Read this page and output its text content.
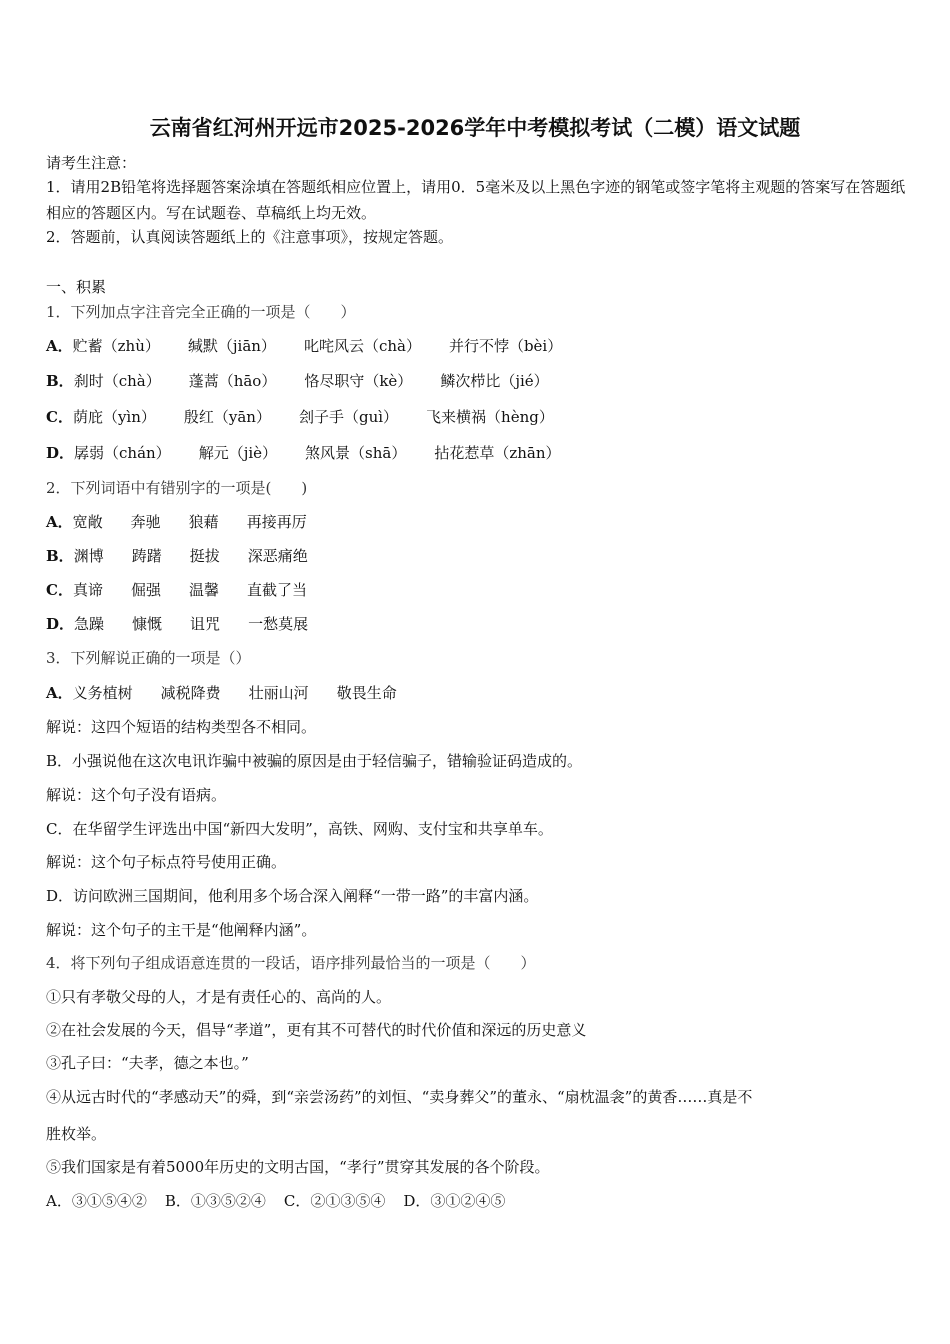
云南省红河州开远市2025-2026学年中考模拟考试（二模）语文试题
请考生注意：
1．请用2B铅笔将选择题答案涂填在答题纸相应位置上，请用0．5毫米及以上黑色字迹的钢笔或签字笔将主观题的答案写在答题纸相应的答题区内。写在试题卷、草稿纸上均无效。
2．答题前，认真阅读答题纸上的《注意事项》，按规定答题。
一、积累
1．下列加点字注音完全正确的一项是（　　）
A．贮蓄（zhù） 缄默（jiān） 叱咤风云（chà） 并行不悖（bèi）
B．刹时（chà） 蓬蒿（hāo） 恪尽职守（kè） 鳞次栉比（jié）
C．荫庇（yìn） 殷红（yān） 刽子手（guì） 飞来横祸（hèng）
D．孱弱（chán） 解元（jiè） 煞风景（shā） 拈花惹草（zhān）
2．下列词语中有错别字的一项是(　　)
A．宽敞 奔驰 狼藉 再接再厉
B．渊博 踌躇 挺拔 深恶痛绝
C．真谛 倔强 温馨 直截了当
D．急躁 慷慨 诅咒 一愁莫展
3．下列解说正确的一项是（）
A．义务植树 减税降费 壮丽山河 敬畏生命
解说：这四个短语的结构类型各不相同。
B．小强说他在这次电讯诈骗中被骗的原因是由于轻信骗子，错输验证码造成的。
解说：这个句子没有语病。
C．在华留学生评选出中国“新四大发明”，高铁、网购、支付宝和共享单车。
解说：这个句子标点符号使用正确。
D．访问欧洲三国期间，他利用多个场合深入阐释“一带一路”的丰富内涵。
解说：这个句子的主干是“他阐释内涵”。
4．将下列句子组成语意连贯的一段话，语序排列最恰当的一项是（　　）
①只有孝敬父母的人，才是有责任心的、高尚的人。
②在社会发展的今天，倡导“孝道”，更有其不可替代的时代价值和深远的历史意义
③孔子曰：“夫孝，德之本也。”
④从远古时代的“孝感动天”的舜，到“亲尝汤药”的刘恒、“卖身葬父”的董永、“扇枕温衾”的黄香……真是不
胜枚举。
⑤我们国家是有着5000年历史的文明古国，“孝行”贯穿其发展的各个阶段。
A．③①⑤④② B．①③⑤②④ C．②①③⑤④ D．③①②④⑤
